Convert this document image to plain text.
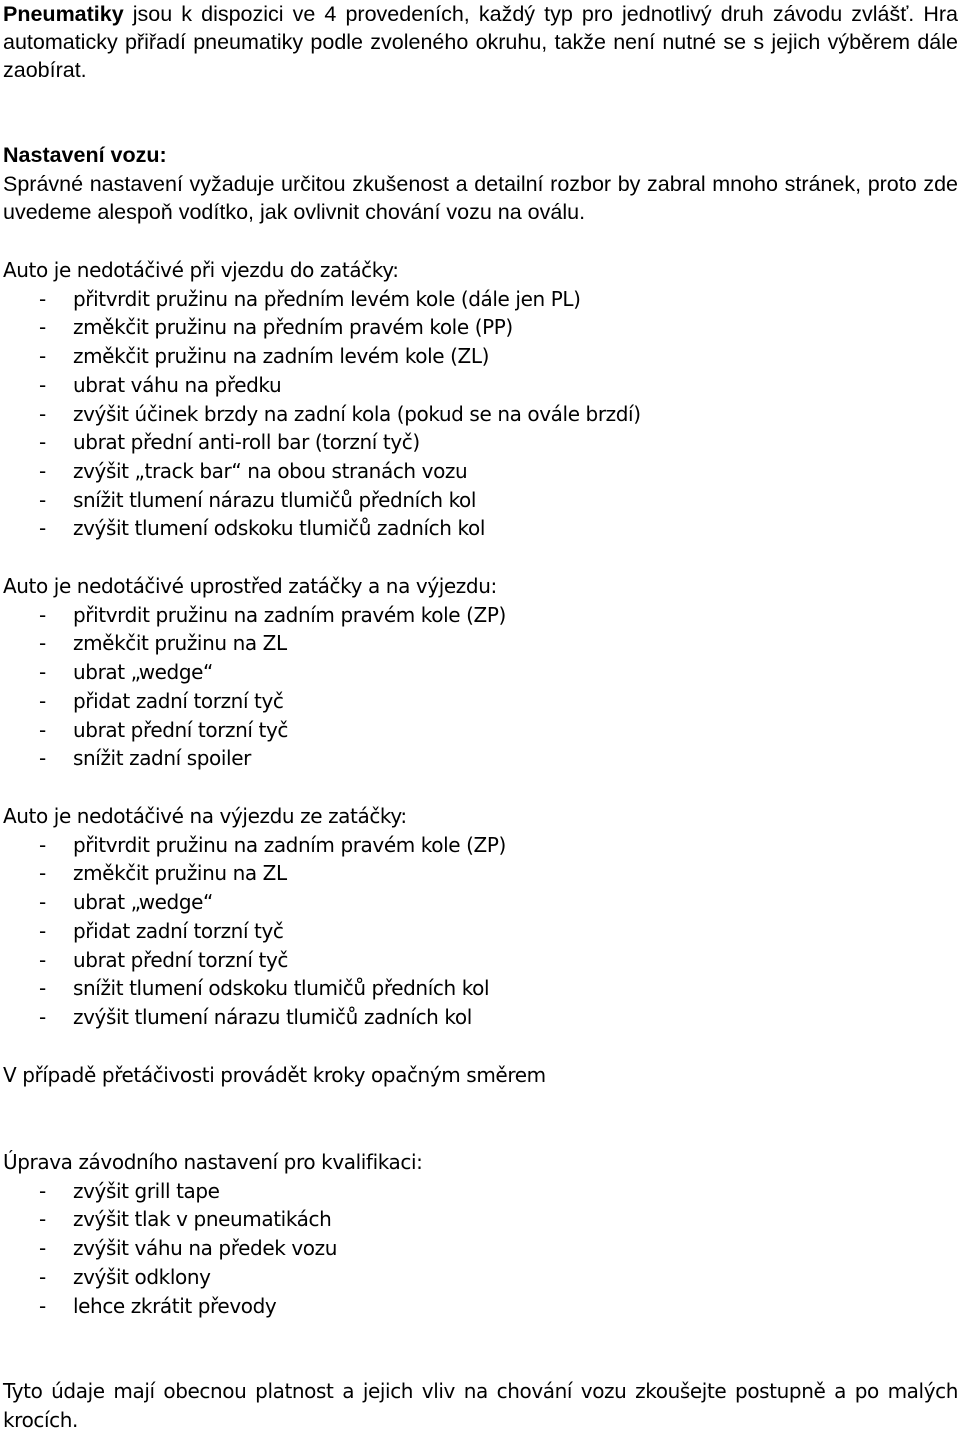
Pneumatiky jsou k dispozici ve 4 provedeních, každý typ pro jednotlivý druh závodu zvlášť. Hra automaticky přiřadí pneumatiky podle zvoleného okruhu, takže není nutné se s jejich výběrem dále zaobírat.

Nastavení vozu:
Správné nastavení vyžaduje určitou zkušenost a detailní rozbor by zabral mnoho stránek, proto zde uvedeme alespoň vodítko, jak ovlivnit chování vozu na oválu.
Auto je nedotáčivé při vjezdu do zatáčky:
- přitvrdit pružinu na předním levém kole (dále jen PL)
- změkčit pružinu na předním pravém kole (PP)
- změkčit pružinu na zadním levém kole (ZL)
- ubrat váhu na předku
- zvýšit účinek brzdy na zadní kola (pokud se na ovále brzdí)
- ubrat přední anti-roll bar (torzní tyč)
- zvýšit „track bar“ na obou stranách vozu
- snížit tlumení nárazu tlumičů předních kol
- zvýšit tlumení odskoku tlumičů zadních kol
Auto je nedotáčivé uprostřed zatáčky a na výjezdu:
- přitvrdit pružinu na zadním pravém kole (ZP)
- změkčit pružinu na ZL
- ubrat „wedge“
- přidat zadní torzní tyč
- ubrat přední torzní tyč
- snížit zadní spoiler
Auto je nedotáčivé na výjezdu ze zatáčky:
- přitvrdit pružinu na zadním pravém kole (ZP)
- změkčit pružinu na ZL
- ubrat „wedge“
- přidat zadní torzní tyč
- ubrat přední torzní tyč
- snížit tlumení odskoku tlumičů předních kol
- zvýšit tlumení nárazu tlumičů zadních kol
V případě přetáčivosti provádět kroky opačným směrem
Úprava závodního nastavení pro kvalifikaci:
- zvýšit grill tape
- zvýšit tlak v pneumatikách
- zvýšit váhu na předek vozu
- zvýšit odklony
- lehce zkrátit převody
Tyto údaje mají obecnou platnost a jejich vliv na chování vozu zkoušejte postupně a po malých krocích.
